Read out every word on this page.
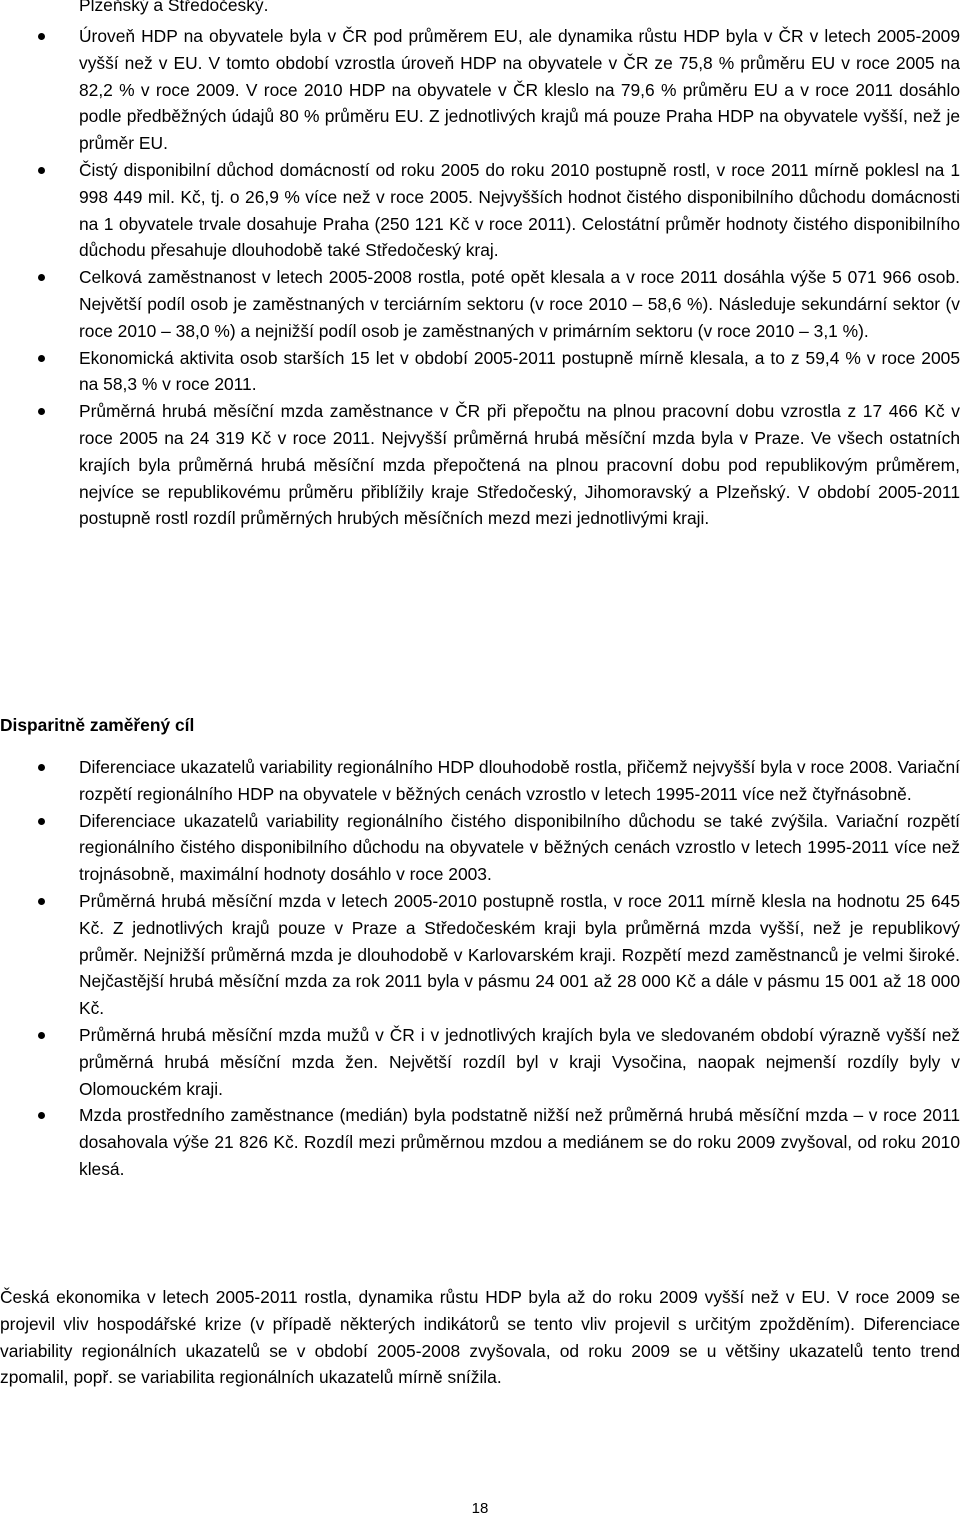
Plzeňský a Středočeský.

Úroveň HDP na obyvatele byla v ČR pod průměrem EU, ale dynamika růstu HDP byla v ČR v letech 2005-2009 vyšší než v EU. V tomto období vzrostla úroveň HDP na obyvatele v ČR ze 75,8 % průměru EU v roce 2005 na 82,2 % v roce 2009. V roce 2010 HDP na obyvatele v ČR kleslo na 79,6 % průměru EU a v roce 2011 dosáhlo podle předběžných údajů 80 % průměru EU. Z jednotlivých krajů má pouze Praha HDP na obyvatele vyšší, než je průměr EU.
Čistý disponibilní důchod domácností od roku 2005 do roku 2010 postupně rostl, v roce 2011 mírně poklesl na 1 998 449 mil. Kč, tj. o 26,9 % více než v roce 2005. Nejvyšších hodnot čistého disponibilního důchodu domácnosti na 1 obyvatele trvale dosahuje Praha (250 121 Kč v roce 2011). Celostátní průměr hodnoty čistého disponibilního důchodu přesahuje dlouhodobě také Středočeský kraj.
Celková zaměstnanost v letech 2005-2008 rostla, poté opět klesala a v roce 2011 dosáhla výše 5 071 966 osob. Největší podíl osob je zaměstnaných v terciárním sektoru (v roce 2010 – 58,6 %). Následuje sekundární sektor (v roce 2010 – 38,0 %) a nejnižší podíl osob je zaměstnaných v primárním sektoru (v roce 2010 – 3,1 %).
Ekonomická aktivita osob starších 15 let v období 2005-2011 postupně mírně klesala, a to z 59,4 % v roce 2005 na 58,3 % v roce 2011.
Průměrná hrubá měsíční mzda zaměstnance v ČR při přepočtu na plnou pracovní dobu vzrostla z 17 466 Kč v roce 2005 na 24 319 Kč v roce 2011. Nejvyšší průměrná hrubá měsíční mzda byla v Praze. Ve všech ostatních krajích byla průměrná hrubá měsíční mzda přepočtená na plnou pracovní dobu pod republikovým průměrem, nejvíce se republikovému průměru přiblížily kraje Středočeský, Jihomoravský a Plzeňský. V období 2005-2011 postupně rostl rozdíl průměrných hrubých měsíčních mezd mezi jednotlivými kraji.
Disparitně zaměřený cíl
Diferenciace ukazatelů variability regionálního HDP dlouhodobě rostla, přičemž nejvyšší byla v roce 2008. Variační rozpětí regionálního HDP na obyvatele v běžných cenách vzrostlo v letech 1995-2011 více než čtyřnásobně.
Diferenciace ukazatelů variability regionálního čistého disponibilního důchodu se také zvýšila. Variační rozpětí regionálního čistého disponibilního důchodu na obyvatele v běžných cenách vzrostlo v letech 1995-2011 více než trojnásobně, maximální hodnoty dosáhlo v roce 2003.
Průměrná hrubá měsíční mzda v letech 2005-2010 postupně rostla, v roce 2011 mírně klesla na hodnotu 25 645 Kč. Z jednotlivých krajů pouze v Praze a Středočeském kraji byla průměrná mzda vyšší, než je republikový průměr. Nejnižší průměrná mzda je dlouhodobě v Karlovarském kraji. Rozpětí mezd zaměstnanců je velmi široké. Nejčastější hrubá měsíční mzda za rok 2011 byla v pásmu 24 001 až 28 000 Kč a dále v pásmu 15 001 až 18 000 Kč.
Průměrná hrubá měsíční mzda mužů v ČR i v jednotlivých krajích byla ve sledovaném období výrazně vyšší než průměrná hrubá měsíční mzda žen. Největší rozdíl byl v kraji Vysočina, naopak nejmenší rozdíly byly v Olomouckém kraji.
Mzda prostředního zaměstnance (medián) byla podstatně nižší než průměrná hrubá měsíční mzda – v roce 2011 dosahovala výše 21 826 Kč. Rozdíl mezi průměrnou mzdou a mediánem se do roku 2009 zvyšoval, od roku 2010 klesá.

Česká ekonomika v letech 2005-2011 rostla, dynamika růstu HDP byla až do roku 2009 vyšší než v EU. V roce 2009 se projevil vliv hospodářské krize (v případě některých indikátorů se tento vliv projevil s určitým zpožděním). Diferenciace variability regionálních ukazatelů se v období 2005-2008 zvyšovala, od roku 2009 se u většiny ukazatelů tento trend zpomalil, popř. se variabilita regionálních ukazatelů mírně snížila.

18
